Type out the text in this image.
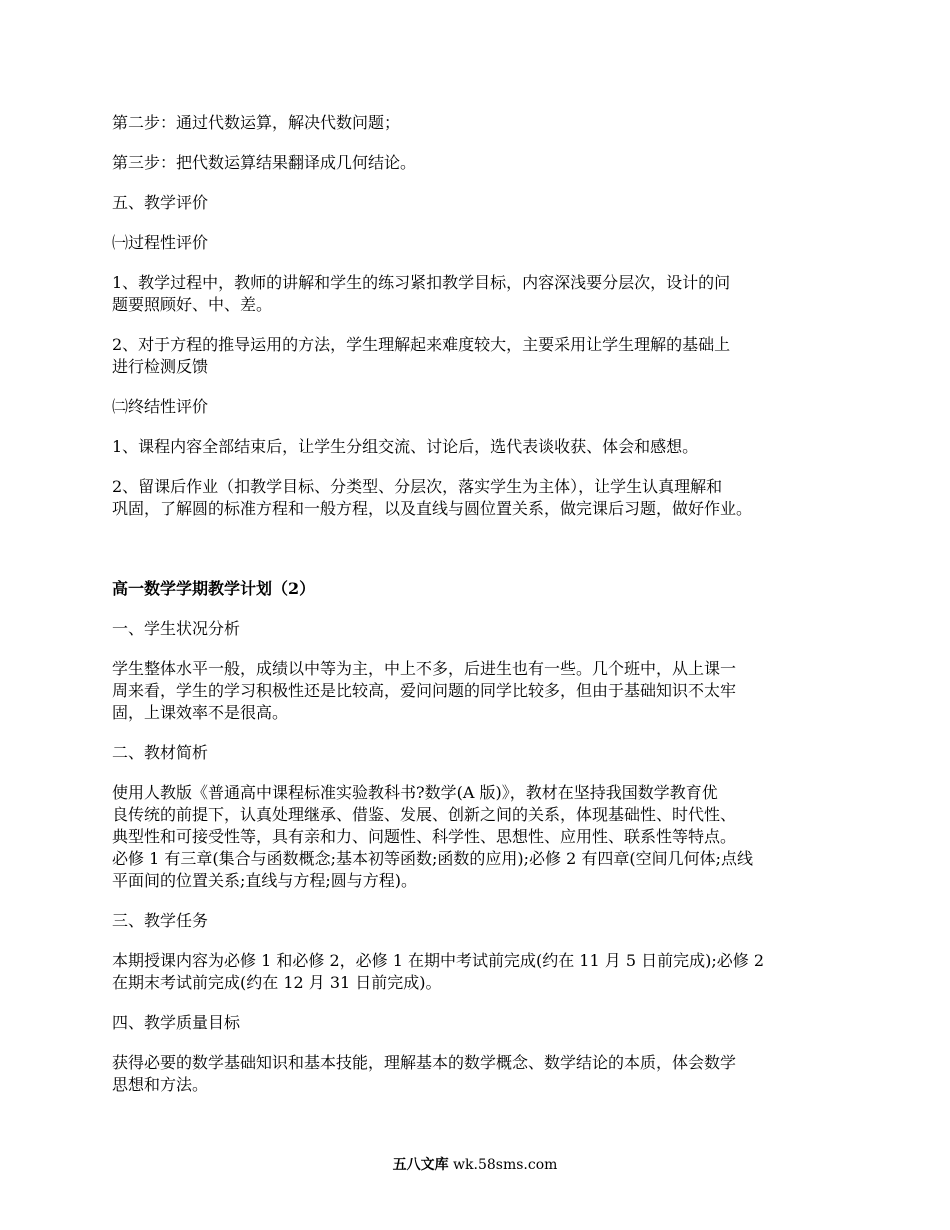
第二步：通过代数运算，解决代数问题；

第三步：把代数运算结果翻译成几何结论。

五、教学评价

㈠过程性评价

1、教学过程中，教师的讲解和学生的练习紧扣教学目标，内容深浅要分层次，设计的问

题要照顾好、中、差。

2、对于方程的推导运用的方法，学生理解起来难度较大，主要采用让学生理解的基础上

进行检测反馈

㈡终结性评价

1、课程内容全部结束后，让学生分组交流、讨论后，选代表谈收获、体会和感想。

2、留课后作业（扣教学目标、分类型、分层次，落实学生为主体），让学生认真理解和

巩固，了解圆的标准方程和一般方程，以及直线与圆位置关系，做完课后习题，做好作业。

高一数学学期教学计划（2）

一、学生状况分析

学生整体水平一般，成绩以中等为主，中上不多，后进生也有一些。几个班中，从上课一

周来看，学生的学习积极性还是比较高，爱问问题的同学比较多，但由于基础知识不太牢

固，上课效率不是很高。

二、教材简析

使用人教版《普通高中课程标准实验教科书?数学(A 版)》，教材在坚持我国数学教育优

良传统的前提下，认真处理继承、借鉴、发展、创新之间的关系，体现基础性、时代性、

典型性和可接受性等，具有亲和力、问题性、科学性、思想性、应用性、联系性等特点。

必修 1 有三章(集合与函数概念;基本初等函数;函数的应用);必修 2 有四章(空间几何体;点线

平面间的位置关系;直线与方程;圆与方程)。

三、教学任务

本期授课内容为必修 1 和必修 2，必修 1 在期中考试前完成(约在 11 月 5 日前完成);必修 2

在期末考试前完成(约在 12 月 31 日前完成)。

四、教学质量目标

获得必要的数学基础知识和基本技能，理解基本的数学概念、数学结论的本质，体会数学

思想和方法。

五八文库 wk.58sms.com
